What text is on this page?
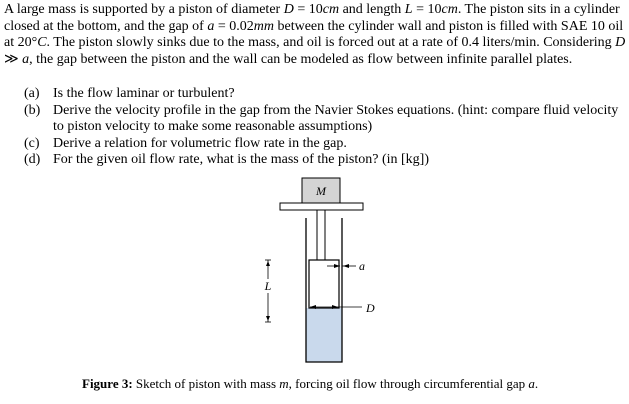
A large mass is supported by a piston of diameter D = 10cm and length L = 10cm. The piston sits in a cylinder closed at the bottom, and the gap of a = 0.02mm between the cylinder wall and piston is filled with SAE 10 oil at 20°C. The piston slowly sinks due to the mass, and oil is forced out at a rate of 0.4 liters/min. Considering D ≫ a, the gap between the piston and the wall can be modeled as flow between infinite parallel plates.

(a) Is the flow laminar or turbulent?
(b) Derive the velocity profile in the gap from the Navier Stokes equations. (hint: compare fluid velocity to piston velocity to make some reasonable assumptions)
(c) Derive a relation for volumetric flow rate in the gap.
(d) For the given oil flow rate, what is the mass of the piston? (in [kg])
M
L
a
D

Figure 3: Sketch of piston with mass m, forcing oil flow through circumferential gap a.
